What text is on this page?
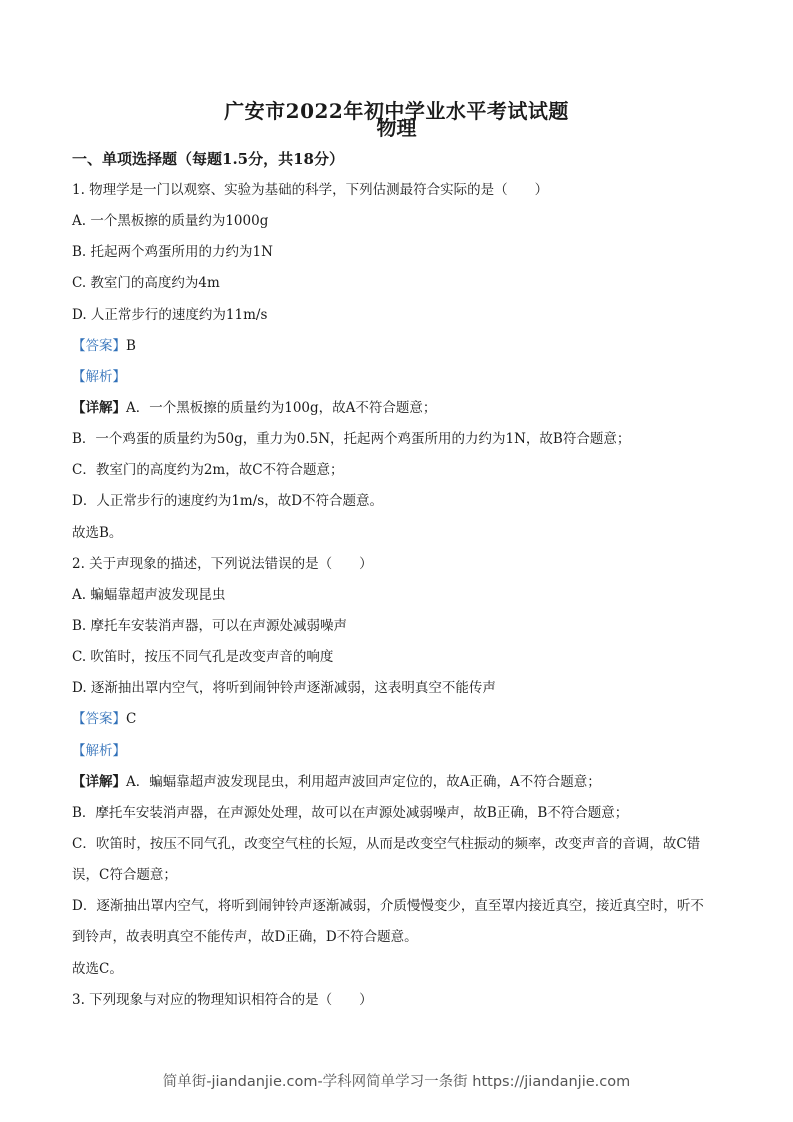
广安市2022年初中学业水平考试试题
物理
一、单项选择题（每题1.5分，共18分）
1. 物理学是一门以观察、实验为基础的科学，下列估测最符合实际的是（　　）
A. 一个黑板擦的质量约为1000g
B. 托起两个鸡蛋所用的力约为1N
C. 教室门的高度约为4m
D. 人正常步行的速度约为11m/s
【答案】B
【解析】
【详解】A．一个黑板擦的质量约为100g，故A不符合题意；
B．一个鸡蛋的质量约为50g，重力为0.5N，托起两个鸡蛋所用的力约为1N，故B符合题意；
C．教室门的高度约为2m，故C不符合题意；
D．人正常步行的速度约为1m/s，故D不符合题意。
故选B。
2. 关于声现象的描述，下列说法错误的是（　　）
A. 蝙蝠靠超声波发现昆虫
B. 摩托车安装消声器，可以在声源处减弱噪声
C. 吹笛时，按压不同气孔是改变声音的响度
D. 逐渐抽出罩内空气，将听到闹钟铃声逐渐减弱，这表明真空不能传声
【答案】C
【解析】
【详解】A．蝙蝠靠超声波发现昆虫，利用超声波回声定位的，故A正确，A不符合题意；
B．摩托车安装消声器，在声源处处理，故可以在声源处减弱噪声，故B正确，B不符合题意；
C．吹笛时，按压不同气孔，改变空气柱的长短，从而是改变空气柱振动的频率，改变声音的音调，故C错
误，C符合题意；
D．逐渐抽出罩内空气，将听到闹钟铃声逐渐减弱，介质慢慢变少，直至罩内接近真空，接近真空时，听不
到铃声，故表明真空不能传声，故D正确，D不符合题意。
故选C。
3. 下列现象与对应的物理知识相符合的是（　　）
简单街-jiandanjie.com-学科网简单学习一条街 https://jiandanjie.com
